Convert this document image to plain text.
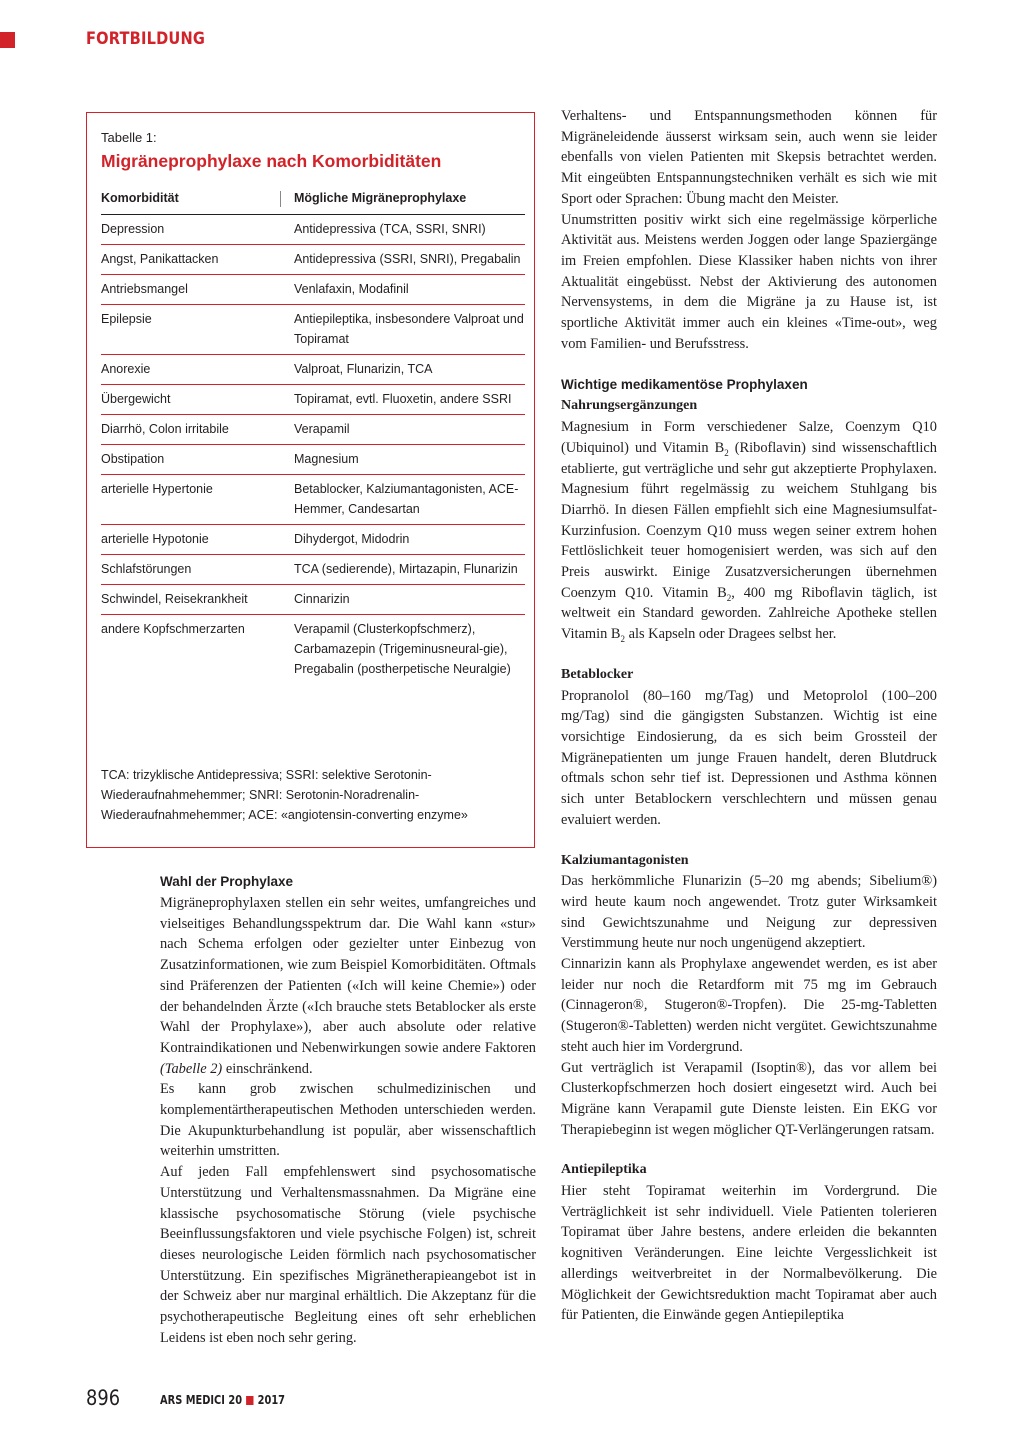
FORTBILDUNG
Tabelle 1:
Migräneprophylaxe nach Komorbiditäten
Komorbidität	Mögliche Migräneprophylaxe
Depression	Antidepressiva (TCA, SSRI, SNRI)
Angst, Panikattacken	Antidepressiva (SSRI, SNRI), Pregabalin
Antriebsmangel	Venlafaxin, Modafinil
Epilepsie	Antiepileptika, insbesondere Valproat und Topiramat
Anorexie	Valproat, Flunarizin, TCA
Übergewicht	Topiramat, evtl. Fluoxetin, andere SSRI
Diarrhö, Colon irritabile	Verapamil
Obstipation	Magnesium
arterielle Hypertonie	Betablocker, Kalziumantagonisten, ACE-Hemmer, Candesartan
arterielle Hypotonie	Dihydergot, Midodrin
Schlafstörungen	TCA (sedierende), Mirtazapin, Flunarizin
Schwindel, Reisekrankheit	Cinnarizin
andere Kopfschmerzarten	Verapamil (Clusterkopfschmerz), Carbamazepin (Trigeminusneural-gie), Pregabalin (postherpetische Neuralgie)
TCA: trizyklische Antidepressiva; SSRI: selektive Serotonin-Wiederaufnahmehemmer; SNRI: Serotonin-Noradrenalin-Wiederaufnahmehemmer; ACE: «angiotensin-converting enzyme»
Wahl der Prophylaxe

Migräneprophylaxen stellen ein sehr weites, umfangreiches und vielseitiges Behandlungsspektrum dar. Die Wahl kann «stur» nach Schema erfolgen oder gezielter unter Einbezug von Zusatzinformationen, wie zum Beispiel Komorbiditäten. Oftmals sind Präferenzen der Patienten («Ich will keine Chemie») oder der behandelnden Ärzte («Ich brauche stets Betablocker als erste Wahl der Prophylaxe»), aber auch absolute oder relative Kontraindikationen und Nebenwirkungen sowie andere Faktoren (Tabelle 2) einschränkend.

Es kann grob zwischen schulmedizinischen und komplementärtherapeutischen Methoden unterschieden werden. Die Akupunkturbehandlung ist populär, aber wissenschaftlich weiterhin umstritten.

Auf jeden Fall empfehlenswert sind psychosomatische Unterstützung und Verhaltensmassnahmen. Da Migräne eine klassische psychosomatische Störung (viele psychische Beeinflussungsfaktoren und viele psychische Folgen) ist, schreit dieses neurologische Leiden förmlich nach psychosomatischer Unterstützung. Ein spezifisches Migränetherapieangebot ist in der Schweiz aber nur marginal erhältlich. Die Akzeptanz für die psychotherapeutische Begleitung eines oft sehr erheblichen Leidens ist eben noch sehr gering.

Verhaltens- und Entspannungsmethoden können für Migräneleidende äusserst wirksam sein, auch wenn sie leider ebenfalls von vielen Patienten mit Skepsis betrachtet werden. Mit eingeübten Entspannungstechniken verhält es sich wie mit Sport oder Sprachen: Übung macht den Meister.

Unumstritten positiv wirkt sich eine regelmässige körperliche Aktivität aus. Meistens werden Joggen oder lange Spaziergänge im Freien empfohlen. Diese Klassiker haben nichts von ihrer Aktualität eingebüsst. Nebst der Aktivierung des autonomen Nervensystems, in dem die Migräne ja zu Hause ist, ist sportliche Aktivität immer auch ein kleines «Time-out», weg vom Familien- und Berufsstress.

Wichtige medikamentöse Prophylaxen
Nahrungsergänzungen

Magnesium in Form verschiedener Salze, Coenzym Q10 (Ubiquinol) und Vitamin $B_2$ (Riboflavin) sind wissenschaftlich etablierte, gut verträgliche und sehr gut akzeptierte Prophylaxen. Magnesium führt regelmässig zu weichem Stuhlgang bis Diarrhö. In diesen Fällen empfiehlt sich eine Magnesiumsulfat-Kurzinfusion. Coenzym Q10 muss wegen seiner extrem hohen Fettlöslichkeit teuer homogenisiert werden, was sich auf den Preis auswirkt. Einige Zusatzversicherungen übernehmen Coenzym Q10. Vitamin $B_2$, 400 mg Riboflavin täglich, ist weltweit ein Standard geworden. Zahlreiche Apotheke stellen Vitamin $B_2$ als Kapseln oder Dragees selbst her.

Betablocker

Propranolol (80–160 mg/Tag) und Metoprolol (100–200 mg/Tag) sind die gängigsten Substanzen. Wichtig ist eine vorsichtige Eindosierung, da es sich beim Grossteil der Migränepatienten um junge Frauen handelt, deren Blutdruck oftmals schon sehr tief ist. Depressionen und Asthma können sich unter Betablockern verschlechtern und müssen genau evaluiert werden.

Kalziumantagonisten

Das herkömmliche Flunarizin (5–20 mg abends; Sibelium®) wird heute kaum noch angewendet. Trotz guter Wirksamkeit sind Gewichtszunahme und Neigung zur depressiven Verstimmung heute nur noch ungenügend akzeptiert.

Cinnarizin kann als Prophylaxe angewendet werden, es ist aber leider nur noch die Retardform mit 75 mg im Gebrauch (Cinnageron®, Stugeron®-Tropfen). Die 25-mg-Tabletten (Stugeron®-Tabletten) werden nicht vergütet. Gewichtszunahme steht auch hier im Vordergrund.

Gut verträglich ist Verapamil (Isoptin®), das vor allem bei Clusterkopfschmerzen hoch dosiert eingesetzt wird. Auch bei Migräne kann Verapamil gute Dienste leisten. Ein EKG vor Therapiebeginn ist wegen möglicher QT-Verlängerungen ratsam.

Antiepileptika

Hier steht Topiramat weiterhin im Vordergrund. Die Verträglichkeit ist sehr individuell. Viele Patienten tolerieren Topiramat über Jahre bestens, andere erleiden die bekannten kognitiven Veränderungen. Eine leichte Vergesslichkeit ist allerdings weitverbreitet in der Normalbevölkerung. Die Möglichkeit der Gewichtsreduktion macht Topiramat aber auch für Patienten, die Einwände gegen Antiepileptika

896	ARS MEDICI 20 2017
